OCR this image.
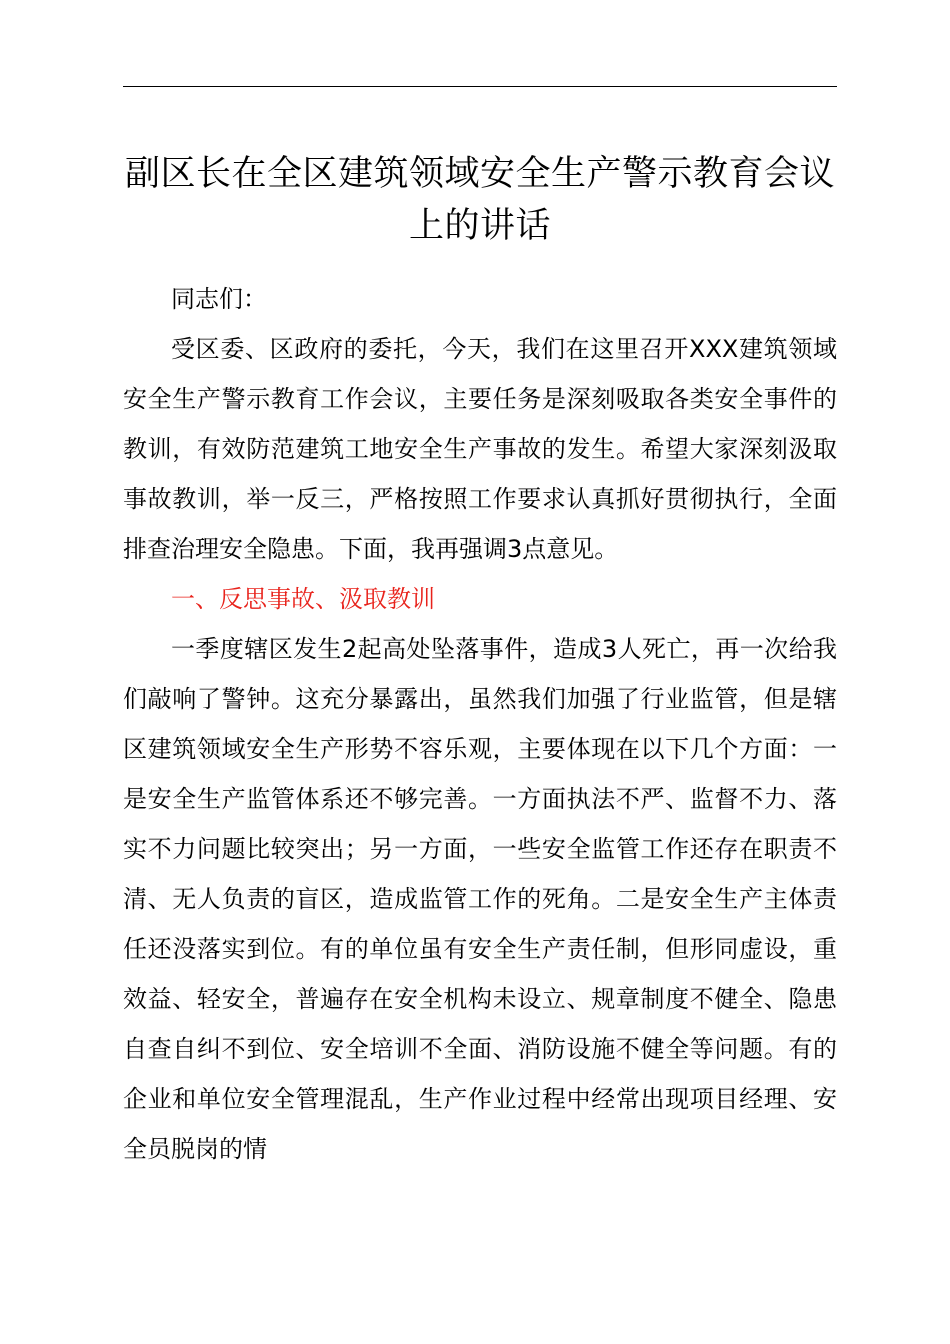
副区长在全区建筑领域安全生产警示教育会议上的讲话

同志们：

受区委、区政府的委托，今天，我们在这里召开XXX建筑领域安全生产警示教育工作会议，主要任务是深刻吸取各类安全事件的教训，有效防范建筑工地安全生产事故的发生。希望大家深刻汲取事故教训，举一反三，严格按照工作要求认真抓好贯彻执行，全面排查治理安全隐患。下面，我再强调3点意见。

一、反思事故、汲取教训

一季度辖区发生2起高处坠落事件，造成3人死亡，再一次给我们敲响了警钟。这充分暴露出，虽然我们加强了行业监管，但是辖区建筑领域安全生产形势不容乐观，主要体现在以下几个方面：一是安全生产监管体系还不够完善。一方面执法不严、监督不力、落实不力问题比较突出；另一方面，一些安全监管工作还存在职责不清、无人负责的盲区，造成监管工作的死角。二是安全生产主体责任还没落实到位。有的单位虽有安全生产责任制，但形同虚设，重效益、轻安全，普遍存在安全机构未设立、规章制度不健全、隐患自查自纠不到位、安全培训不全面、消防设施不健全等问题。有的企业和单位安全管理混乱，生产作业过程中经常出现项目经理、安全员脱岗的情
